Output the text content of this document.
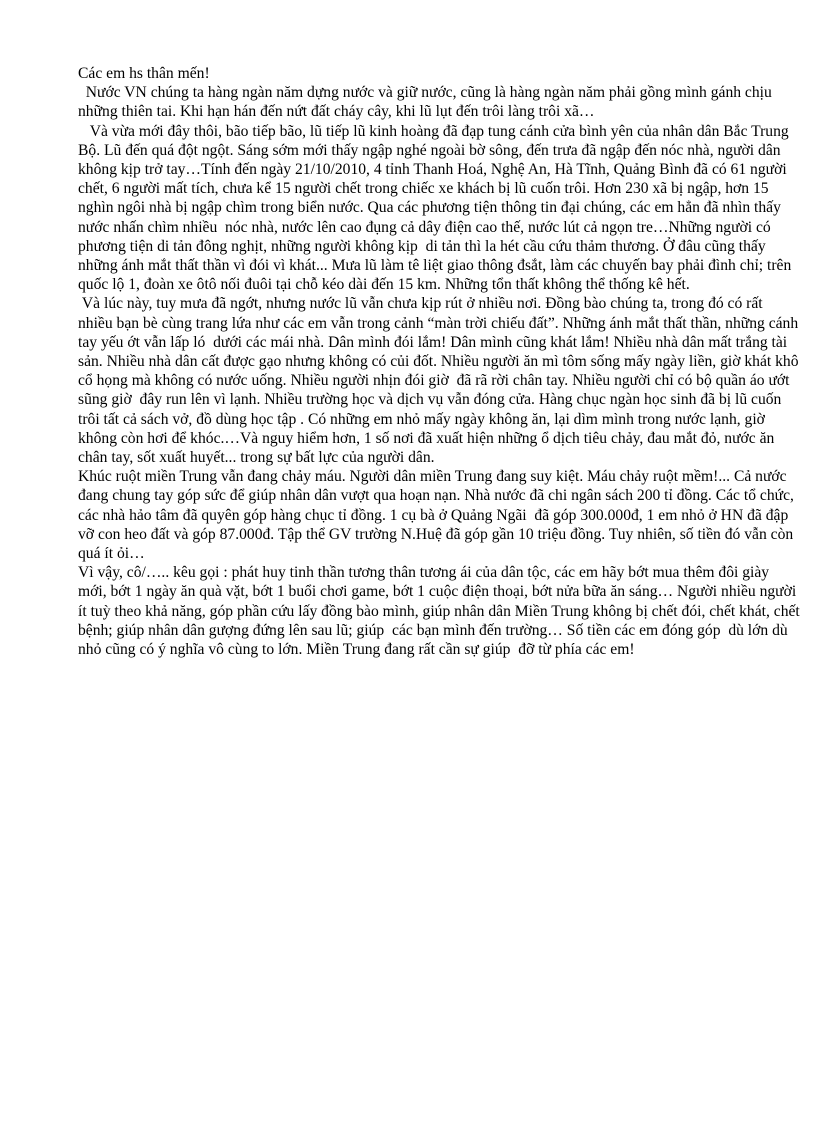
Các em hs thân mến!

Nước VN chúng ta hàng ngàn năm dựng nước và giữ nước, cũng là hàng ngàn năm phải gồng mình gánh chịu những thiên tai. Khi hạn hán đến nứt đất cháy cây, khi lũ lụt đến trôi làng trôi xã…

Và vừa mới đây thôi, bão tiếp bão, lũ tiếp lũ kinh hoàng đã đạp tung cánh cửa bình yên của nhân dân Bắc Trung Bộ. Lũ đến quá đột ngột. Sáng sớm mới thấy ngập nghé ngoài bờ sông, đến trưa đã ngập đến nóc nhà, người dân không kịp trở tay…Tính đến ngày 21/10/2010, 4 tỉnh Thanh Hoá, Nghệ An, Hà Tĩnh, Quảng Bình đã có 61 người chết, 6 người mất tích, chưa kể 15 người chết trong chiếc xe khách bị lũ cuốn trôi. Hơn 230 xã bị ngập, hơn 15 nghìn ngôi nhà bị ngập chìm trong biển nước. Qua các phương tiện thông tin đại chúng, các em hẳn đã nhìn thấy nước nhấn chìm nhiều  nóc nhà, nước lên cao đụng cả dây điện cao thế, nước lút cả ngọn tre…Những người có phương tiện di tản đông nghịt, những người không kịp  di tản thì la hét cầu cứu thảm thương. Ở đâu cũng thấy những ánh mắt thất thần vì đói vì khát... Mưa lũ làm tê liệt giao thông đsắt, làm các chuyến bay phải đình chỉ; trên quốc lộ 1, đoàn xe ôtô nối đuôi tại chỗ kéo dài đến 15 km. Những tổn thất không thể thống kê hết.

Và lúc này, tuy mưa đã ngớt, nhưng nước lũ vẫn chưa kịp rút ở nhiều nơi. Đồng bào chúng ta, trong đó có rất nhiều bạn bè cùng trang lứa như các em vẫn trong cảnh “màn trời chiếu đất”. Những ánh mắt thất thần, những cánh tay yếu ớt vẫn lấp ló  dưới các mái nhà. Dân mình đói lắm! Dân mình cũng khát lắm! Nhiều nhà dân mất trắng tài sản. Nhiều nhà dân cất được gạo nhưng không có củi đốt. Nhiều người ăn mì tôm sống mấy ngày liền, giờ khát khô cổ họng mà không có nước uống. Nhiều người nhịn đói giờ  đã rã rời chân tay. Nhiều người chỉ có bộ quần áo ướt sũng giờ  đây run lên vì lạnh. Nhiều trường học và dịch vụ vẫn đóng cửa. Hàng chục ngàn học sinh đã bị lũ cuốn trôi tất cả sách vở, đồ dùng học tập . Có những em nhỏ mấy ngày không ăn, lại dìm mình trong nước lạnh, giờ không còn hơi để khóc.…Và nguy hiểm hơn, 1 số nơi đã xuất hiện những ổ dịch tiêu chảy, đau mắt đỏ, nước ăn chân tay, sốt xuất huyết... trong sự bất lực của người dân.

Khúc ruột miền Trung vẫn đang chảy máu. Người dân miền Trung đang suy kiệt. Máu chảy ruột mềm!... Cả nước đang chung tay góp sức để giúp nhân dân vượt qua hoạn nạn. Nhà nước đã chi ngân sách 200 tỉ đồng. Các tổ chức, các nhà hảo tâm đã quyên góp hàng chục tỉ đồng. 1 cụ bà ở Quảng Ngãi  đã góp 300.000đ, 1 em nhỏ ở HN đã đập vỡ con heo đất và góp 87.000đ. Tập thể GV trường N.Huệ đã góp gần 10 triệu đồng. Tuy nhiên, số tiền đó vẫn còn quá ít ỏi…

Vì vậy, cô/….. kêu gọi : phát huy tinh thần tương thân tương ái của dân tộc, các em hãy bớt mua thêm đôi giày mới, bớt 1 ngày ăn quà vặt, bớt 1 buổi chơi game, bớt 1 cuộc điện thoại, bớt nửa bữa ăn sáng… Người nhiều người ít tuỳ theo khả năng, góp phần cứu lấy đồng bào mình, giúp nhân dân Miền Trung không bị chết đói, chết khát, chết bệnh; giúp nhân dân gượng đứng lên sau lũ; giúp  các bạn mình đến trường… Số tiền các em đóng góp  dù lớn dù nhỏ cũng có ý nghĩa vô cùng to lớn. Miền Trung đang rất cần sự giúp  đỡ từ phía các em!
